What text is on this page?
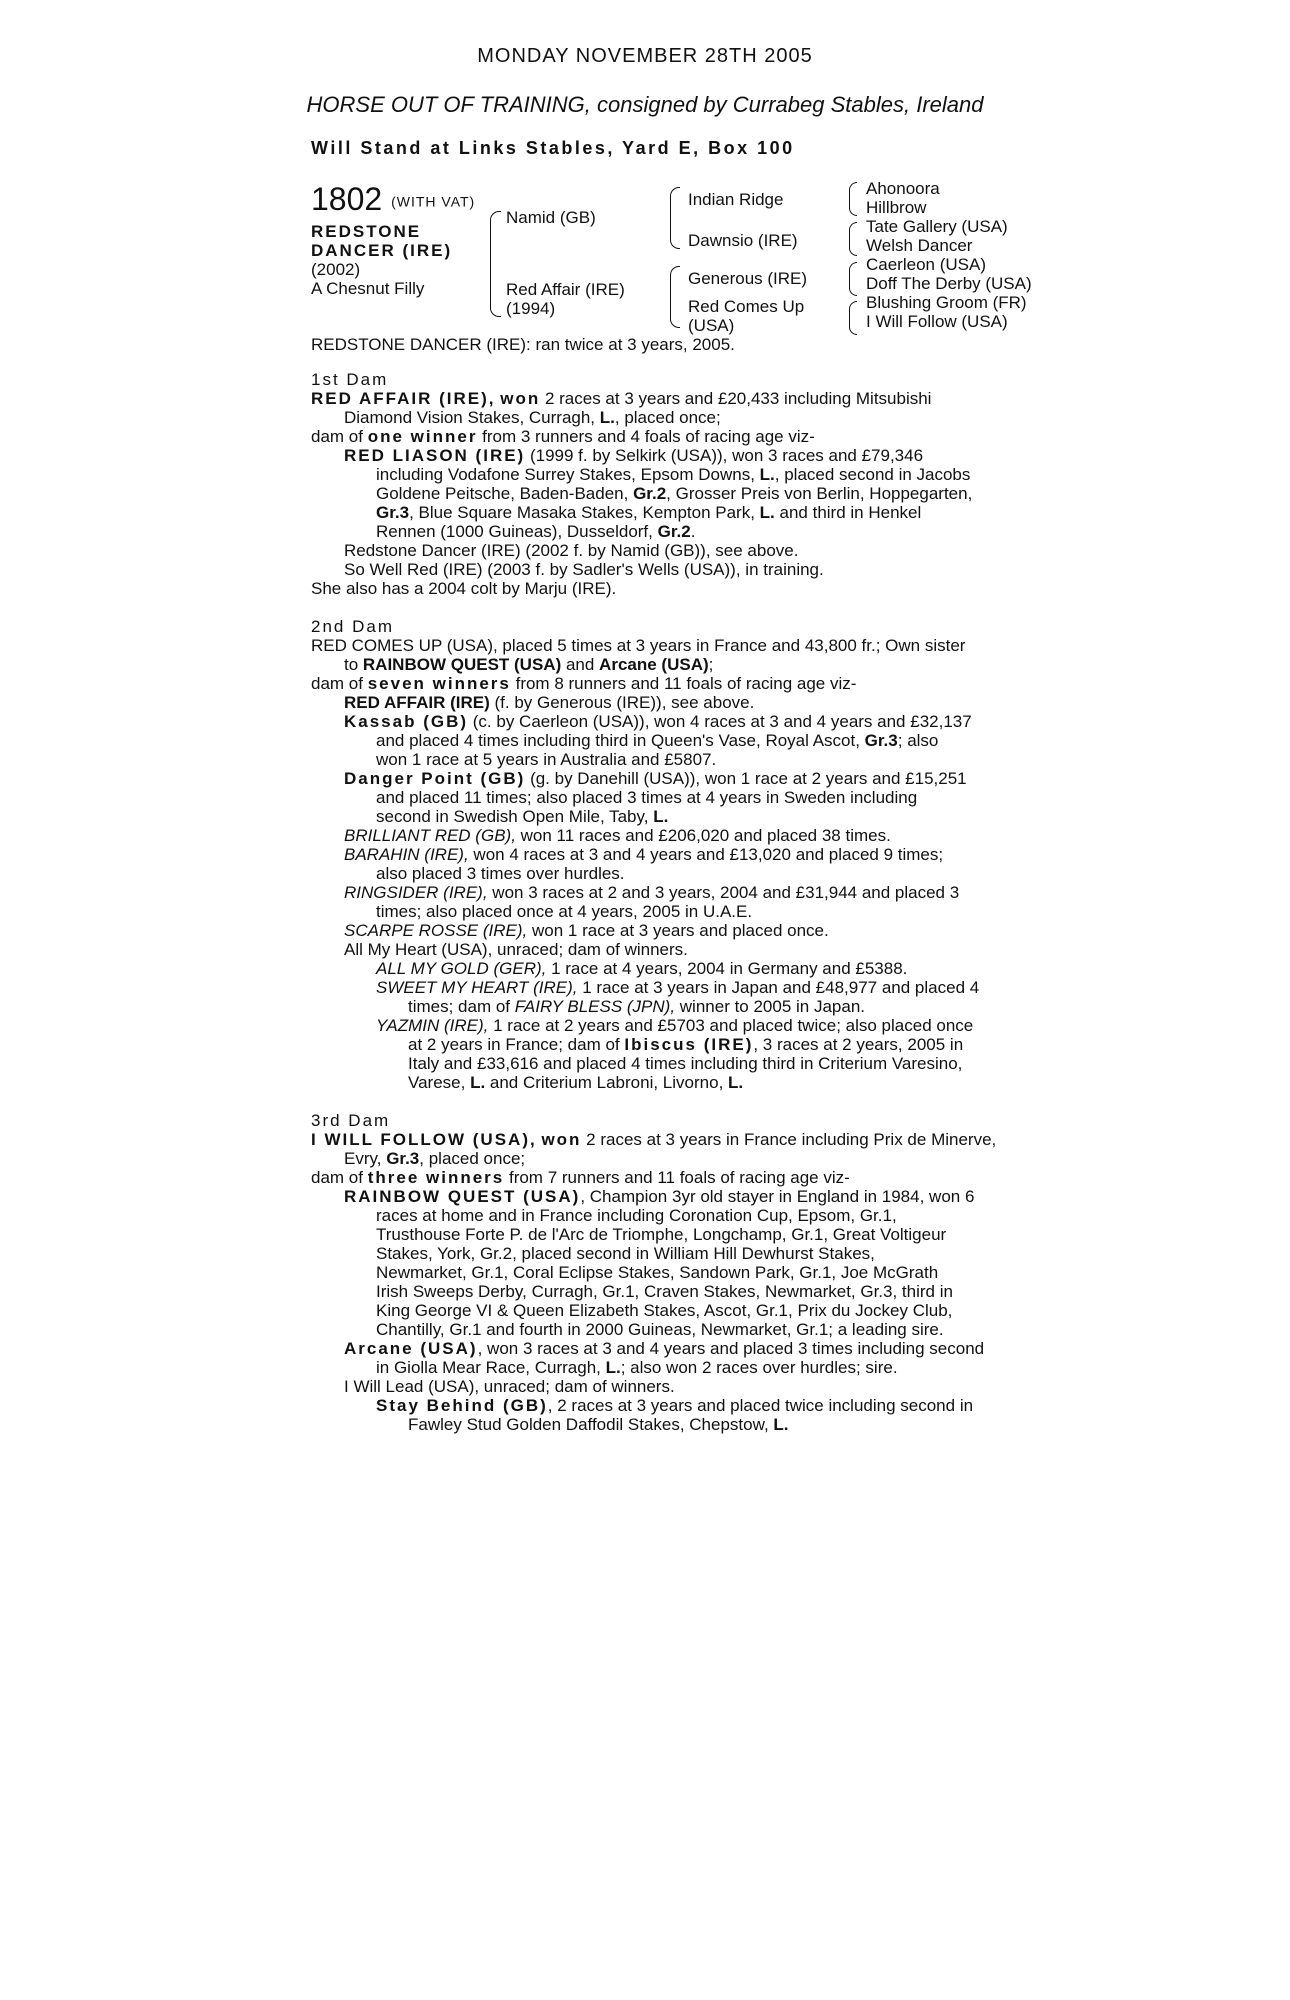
MONDAY NOVEMBER 28TH 2005
HORSE OUT OF TRAINING, consigned by Currabeg Stables, Ireland
Will Stand at Links Stables, Yard E, Box 100
1802 (WITH VAT)
REDSTONE
DANCER (IRE)
(2002)
A Chesnut Filly
Namid (GB)
Red Affair (IRE)
(1994)
Indian Ridge
Dawnsio (IRE)
Generous (IRE)
Red Comes Up
(USA)
Ahonoora
Hillbrow
Tate Gallery (USA)
Welsh Dancer
Caerleon (USA)
Doff The Derby (USA)
Blushing Groom (FR)
I Will Follow (USA)
REDSTONE DANCER (IRE): ran twice at 3 years, 2005.
1st Dam
RED AFFAIR (IRE), won 2 races at 3 years and £20,433 including Mitsubishi
Diamond Vision Stakes, Curragh, L., placed once;
dam of one winner from 3 runners and 4 foals of racing age viz-
RED LIASON (IRE) (1999 f. by Selkirk (USA)), won 3 races and £79,346
including Vodafone Surrey Stakes, Epsom Downs, L., placed second in Jacobs
Goldene Peitsche, Baden-Baden, Gr.2, Grosser Preis von Berlin, Hoppegarten,
Gr.3, Blue Square Masaka Stakes, Kempton Park, L. and third in Henkel
Rennen (1000 Guineas), Dusseldorf, Gr.2.
Redstone Dancer (IRE) (2002 f. by Namid (GB)), see above.
So Well Red (IRE) (2003 f. by Sadler's Wells (USA)), in training.
She also has a 2004 colt by Marju (IRE).
2nd Dam
RED COMES UP (USA), placed 5 times at 3 years in France and 43,800 fr.; Own sister
to RAINBOW QUEST (USA) and Arcane (USA);
dam of seven winners from 8 runners and 11 foals of racing age viz-
RED AFFAIR (IRE) (f. by Generous (IRE)), see above.
Kassab (GB) (c. by Caerleon (USA)), won 4 races at 3 and 4 years and £32,137
and placed 4 times including third in Queen's Vase, Royal Ascot, Gr.3; also
won 1 race at 5 years in Australia and £5807.
Danger Point (GB) (g. by Danehill (USA)), won 1 race at 2 years and £15,251
and placed 11 times; also placed 3 times at 4 years in Sweden including
second in Swedish Open Mile, Taby, L.
BRILLIANT RED (GB), won 11 races and £206,020 and placed 38 times.
BARAHIN (IRE), won 4 races at 3 and 4 years and £13,020 and placed 9 times;
also placed 3 times over hurdles.
RINGSIDER (IRE), won 3 races at 2 and 3 years, 2004 and £31,944 and placed 3
times; also placed once at 4 years, 2005 in U.A.E.
SCARPE ROSSE (IRE), won 1 race at 3 years and placed once.
All My Heart (USA), unraced; dam of winners.
ALL MY GOLD (GER), 1 race at 4 years, 2004 in Germany and £5388.
SWEET MY HEART (IRE), 1 race at 3 years in Japan and £48,977 and placed 4
times; dam of FAIRY BLESS (JPN), winner to 2005 in Japan.
YAZMIN (IRE), 1 race at 2 years and £5703 and placed twice; also placed once
at 2 years in France; dam of Ibiscus (IRE), 3 races at 2 years, 2005 in
Italy and £33,616 and placed 4 times including third in Criterium Varesino,
Varese, L. and Criterium Labroni, Livorno, L.
3rd Dam
I WILL FOLLOW (USA), won 2 races at 3 years in France including Prix de Minerve,
Evry, Gr.3, placed once;
dam of three winners from 7 runners and 11 foals of racing age viz-
RAINBOW QUEST (USA), Champion 3yr old stayer in England in 1984, won 6
races at home and in France including Coronation Cup, Epsom, Gr.1,
Trusthouse Forte P. de l'Arc de Triomphe, Longchamp, Gr.1, Great Voltigeur
Stakes, York, Gr.2, placed second in William Hill Dewhurst Stakes,
Newmarket, Gr.1, Coral Eclipse Stakes, Sandown Park, Gr.1, Joe McGrath
Irish Sweeps Derby, Curragh, Gr.1, Craven Stakes, Newmarket, Gr.3, third in
King George VI & Queen Elizabeth Stakes, Ascot, Gr.1, Prix du Jockey Club,
Chantilly, Gr.1 and fourth in 2000 Guineas, Newmarket, Gr.1; a leading sire.
Arcane (USA), won 3 races at 3 and 4 years and placed 3 times including second
in Giolla Mear Race, Curragh, L.; also won 2 races over hurdles; sire.
I Will Lead (USA), unraced; dam of winners.
Stay Behind (GB), 2 races at 3 years and placed twice including second in
Fawley Stud Golden Daffodil Stakes, Chepstow, L.
